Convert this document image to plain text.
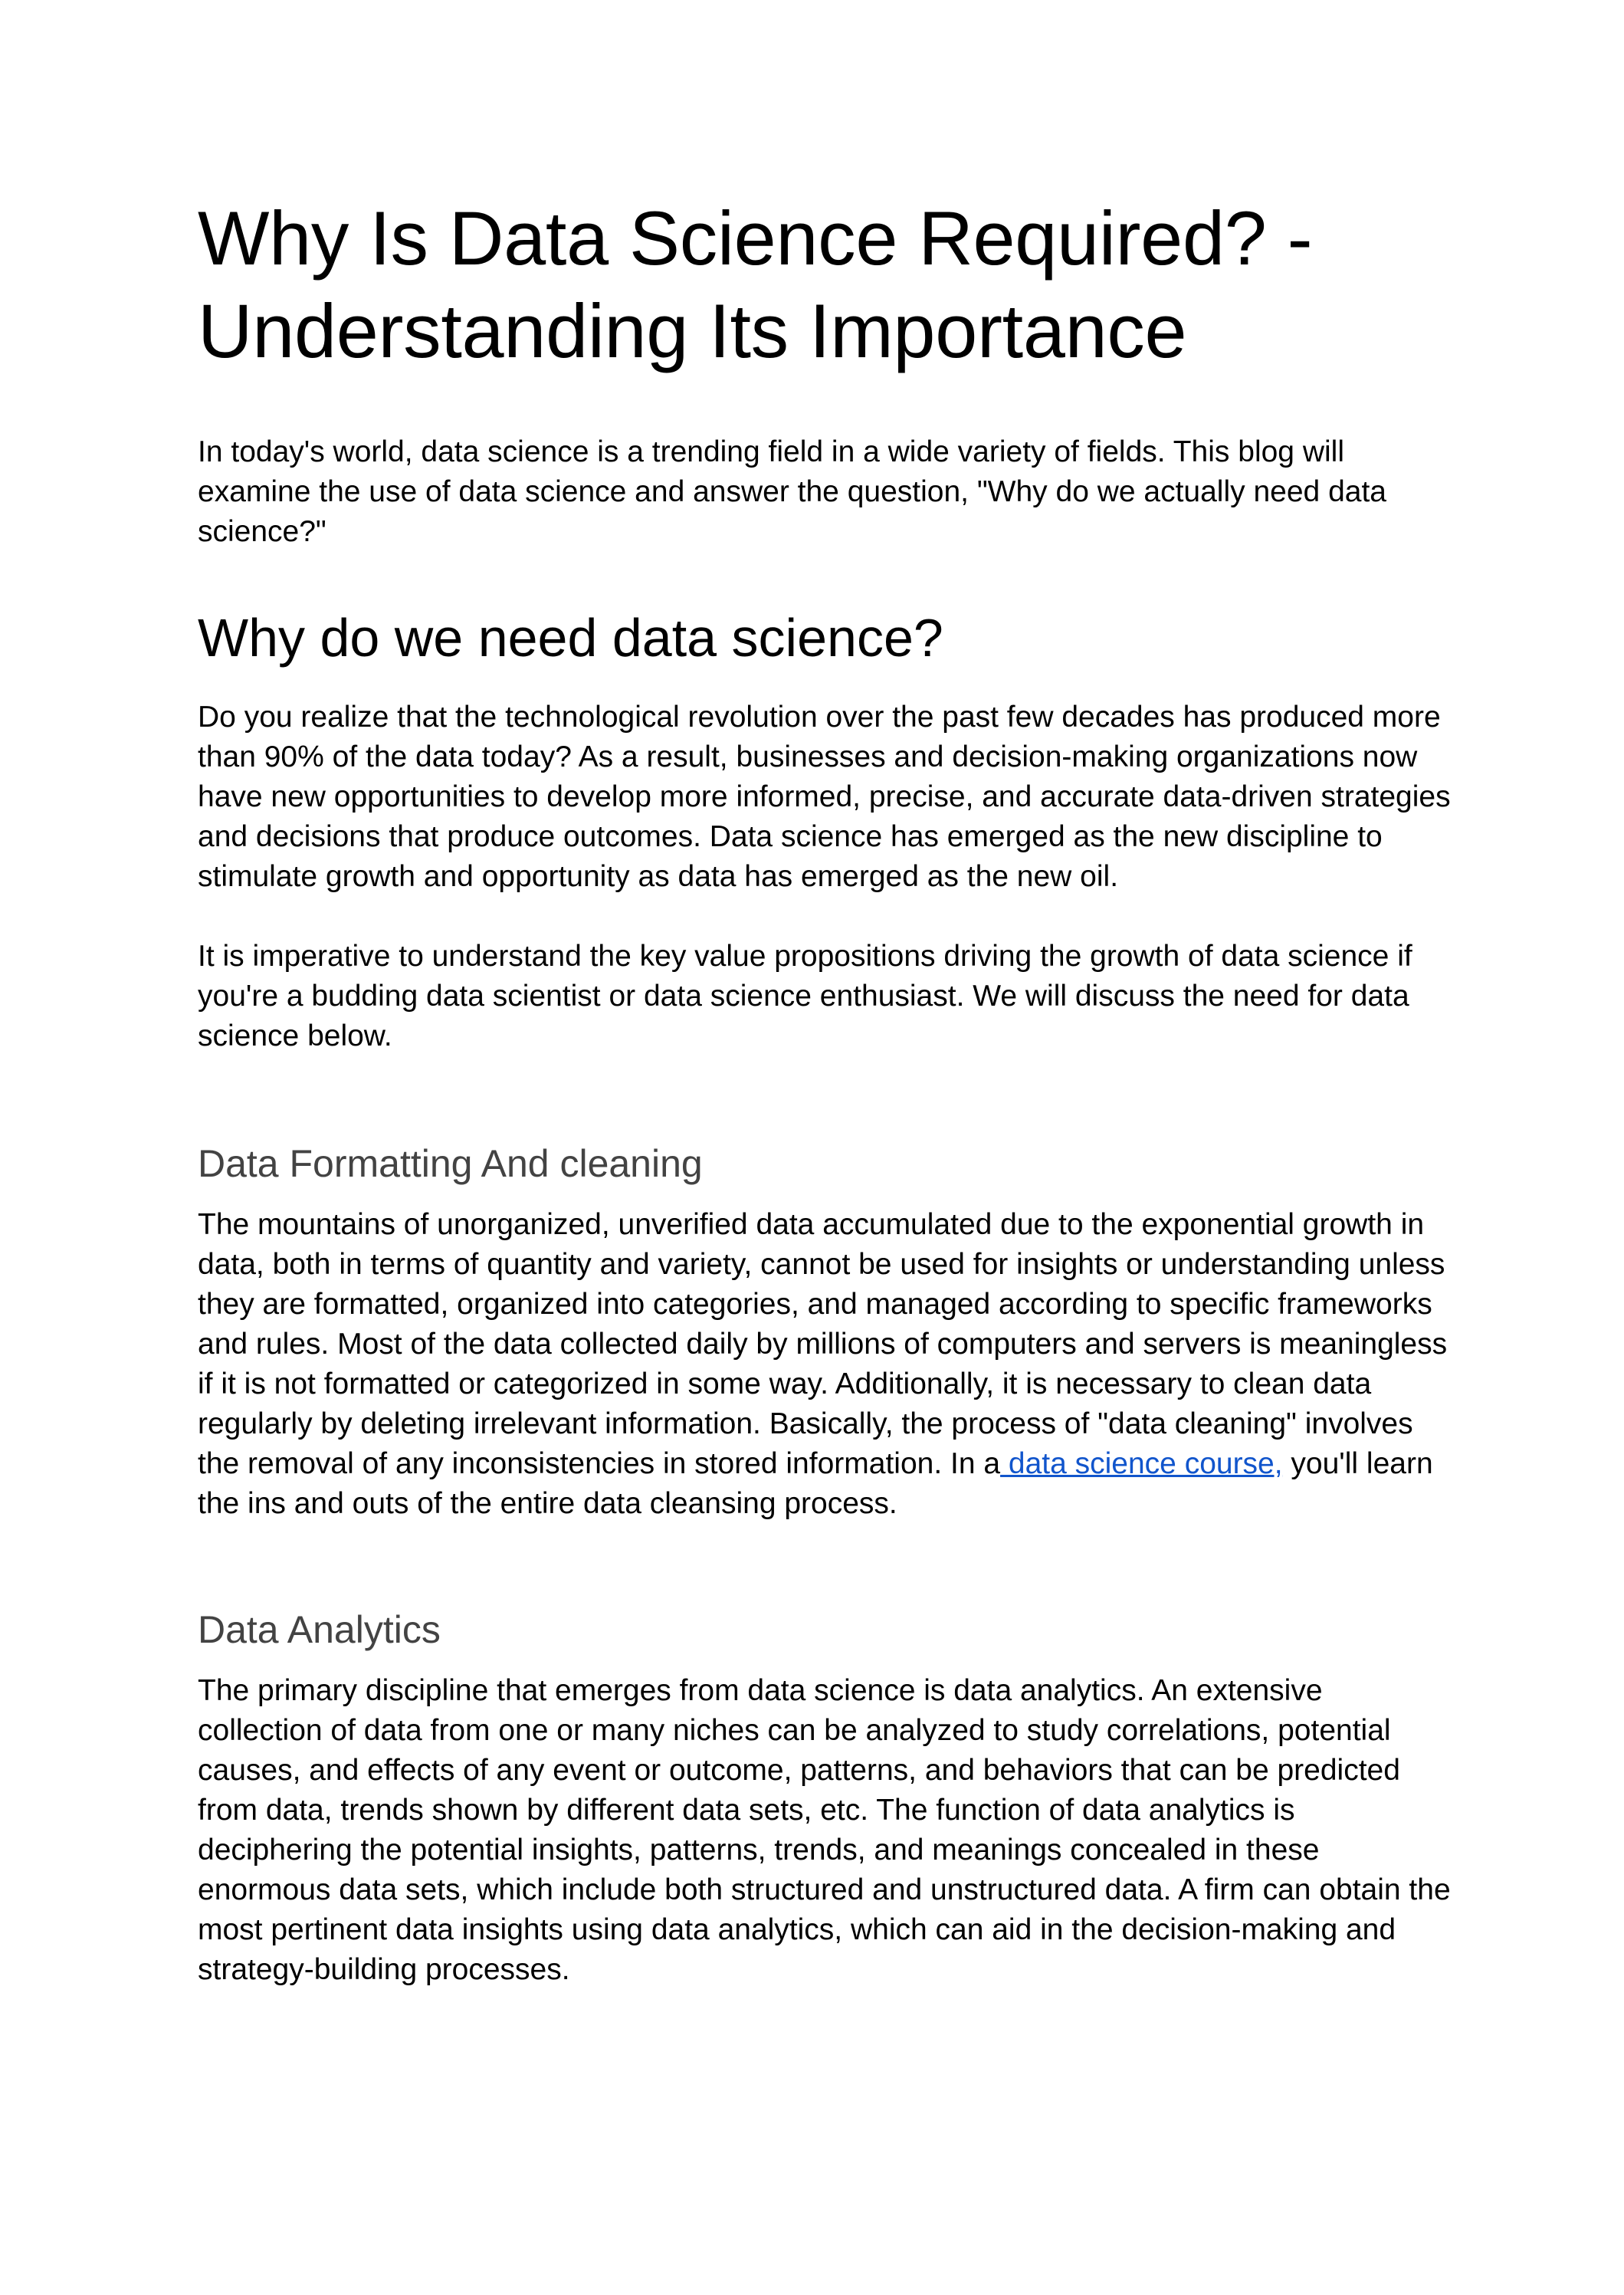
Why Is Data Science Required? - Understanding Its Importance

In today's world, data science is a trending field in a wide variety of fields. This blog will examine the use of data science and answer the question, "Why do we actually need data science?"

Why do we need data science?

Do you realize that the technological revolution over the past few decades has produced more than 90% of the data today? As a result, businesses and decision-making organizations now have new opportunities to develop more informed, precise, and accurate data-driven strategies and decisions that produce outcomes. Data science has emerged as the new discipline to stimulate growth and opportunity as data has emerged as the new oil.

It is imperative to understand the key value propositions driving the growth of data science if you're a budding data scientist or data science enthusiast. We will discuss the need for data science below.

Data Formatting And cleaning

The mountains of unorganized, unverified data accumulated due to the exponential growth in data, both in terms of quantity and variety, cannot be used for insights or understanding unless they are formatted, organized into categories, and managed according to specific frameworks and rules. Most of the data collected daily by millions of computers and servers is meaningless if it is not formatted or categorized in some way. Additionally, it is necessary to clean data regularly by deleting irrelevant information. Basically, the process of "data cleaning" involves the removal of any inconsistencies in stored information. In a data science course, you'll learn the ins and outs of the entire data cleansing process.

Data Analytics

The primary discipline that emerges from data science is data analytics. An extensive collection of data from one or many niches can be analyzed to study correlations, potential causes, and effects of any event or outcome, patterns, and behaviors that can be predicted from data, trends shown by different data sets, etc. The function of data analytics is deciphering the potential insights, patterns, trends, and meanings concealed in these enormous data sets, which include both structured and unstructured data. A firm can obtain the most pertinent data insights using data analytics, which can aid in the decision-making and strategy-building processes.
